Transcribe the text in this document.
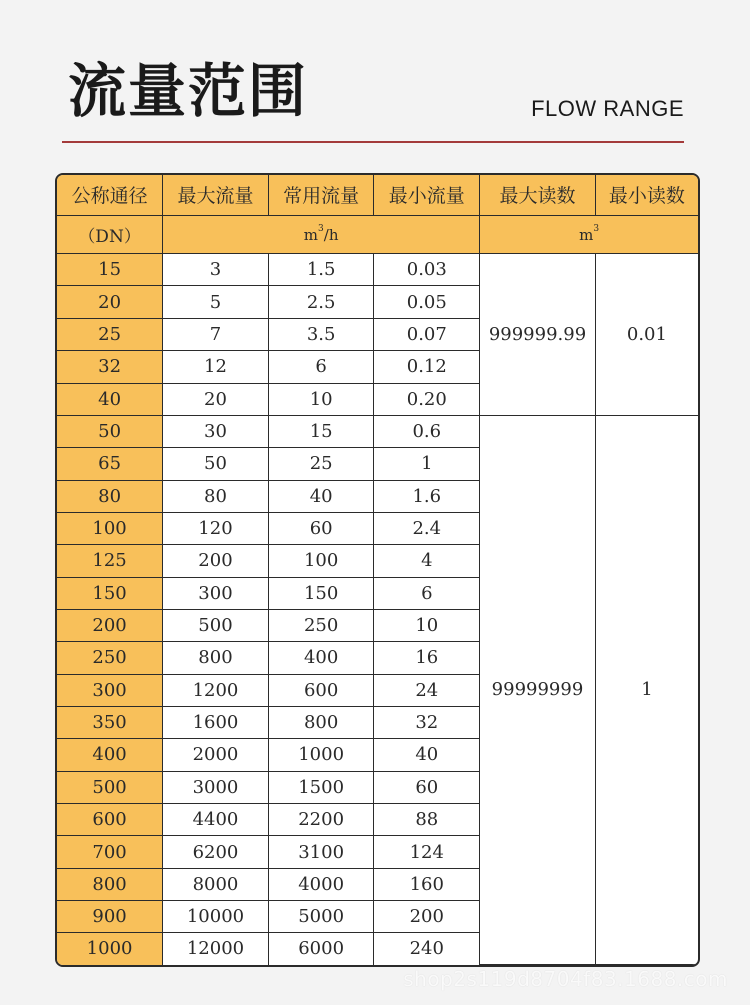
流量范围	FLOW RANGE
公称通径	最大流量	常用流量	最小流量	最大读数	最小读数
（DN）	$m^3/h$			$m^3$
15	3	1.5	0.03	999999.99	0.01
20	5	2.5	0.05		
25	7	3.5	0.07		
32	12	6	0.12		
40	20	10	0.20		
50	30	15	0.6	99999999	1
65	50	25	1		
80	80	40	1.6		
100	120	60	2.4		
125	200	100	4		
150	300	150	6		
200	500	250	10		
250	800	400	16		
300	1200	600	24		
350	1600	800	32		
400	2000	1000	40		
500	3000	1500	60		
600	4400	2200	88		
700	6200	3100	124		
800	8000	4000	160		
900	10000	5000	200		
1000	12000	6000	240		
shop2s119d8704f83.1688.com
